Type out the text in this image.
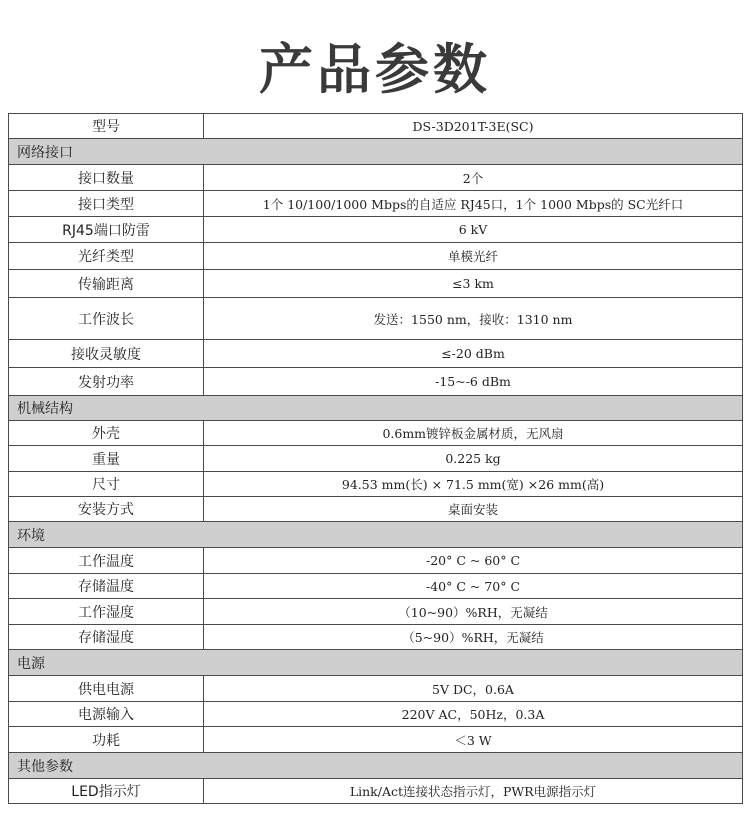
产品参数
型号	DS-3D201T-3E(SC)
网络接口	
接口数量	2个
接口类型	1个 10/100/1000 Mbps的自适应 RJ45口，1个 1000 Mbps的 SC光纤口
RJ45端口防雷	6 kV
光纤类型	单模光纤
传输距离	≤3 km
工作波长	发送：1550 nm，接收：1310 nm
接收灵敏度	≤-20 dBm
发射功率	-15~-6 dBm
机械结构	
外壳	0.6mm镀锌板金属材质，无风扇
重量	0.225 kg
尺寸	94.53 mm(长) × 71.5 mm(宽) ×26 mm(高)
安装方式	桌面安装
环境	
工作温度	-20° C ~ 60° C
存储温度	-40° C ~ 70° C
工作湿度	（10~90）%RH，无凝结
存储湿度	（5~90）%RH，无凝结
电源	
供电电源	5V DC，0.6A
电源输入	220V AC，50Hz，0.3A
功耗	＜3 W
其他参数	
LED指示灯	Link/Act连接状态指示灯，PWR电源指示灯
